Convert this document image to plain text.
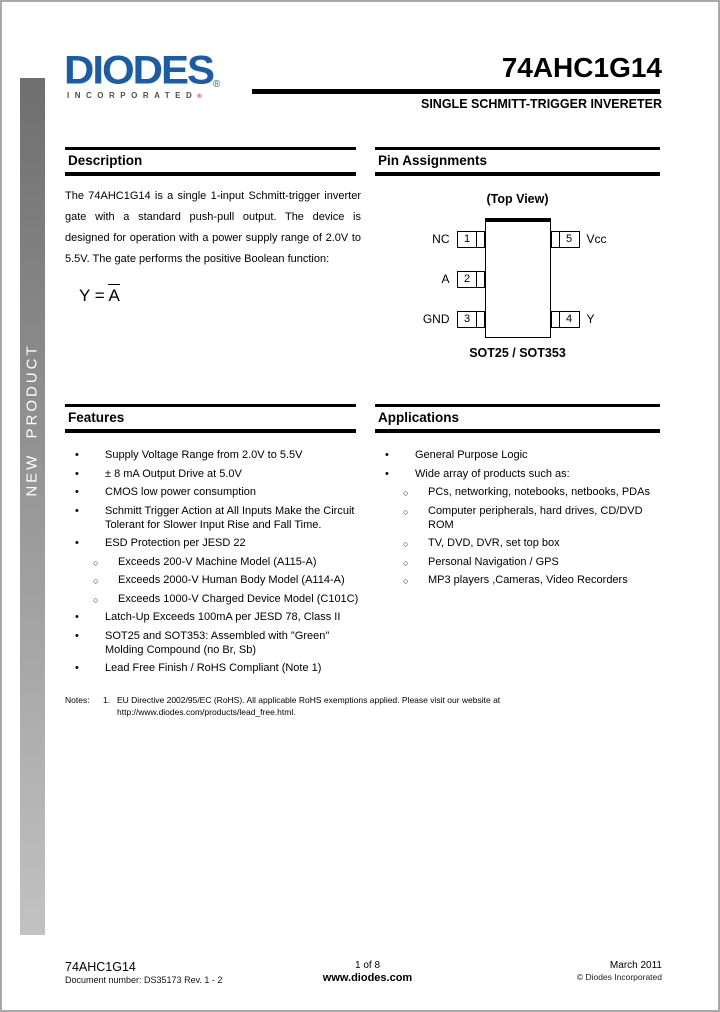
NEW PRODUCT
DIODES®
INCORPORATED®
74AHC1G14
SINGLE SCHMITT-TRIGGER INVERETER
Description
The 74AHC1G14 is a single 1-input Schmitt-trigger inverter gate with a standard push-pull output. The device is designed for operation with a power supply range of 2.0V to 5.5V. The gate performs the positive Boolean function:
Y = A
Pin Assignments
(Top View)
NC	1
A	2
GND	3
5	Vcc
4	Y
SOT25 / SOT353
Features
• Supply Voltage Range from 2.0V to 5.5V
• ± 8 mA Output Drive at 5.0V
• CMOS low power consumption
• Schmitt Trigger Action at All Inputs Make the Circuit Tolerant for Slower Input Rise and Fall Time.
• ESD Protection per JESD 22
○ Exceeds 200-V Machine Model (A115-A)
○ Exceeds 2000-V Human Body Model (A114-A)
○ Exceeds 1000-V Charged Device Model (C101C)
• Latch-Up Exceeds 100mA per JESD 78, Class II
• SOT25 and SOT353: Assembled with "Green" Molding Compound (no Br, Sb)
• Lead Free Finish / RoHS Compliant (Note 1)
Applications
• General Purpose Logic
• Wide array of products such as:
○ PCs, networking, notebooks, netbooks, PDAs
○ Computer peripherals, hard drives, CD/DVD ROM
○ TV, DVD, DVR, set top box
○ Personal Navigation / GPS
○ MP3 players ,Cameras, Video Recorders
Notes: 1. EU Directive 2002/95/EC (RoHS). All applicable RoHS exemptions applied. Please visit our website at
http://www.diodes.com/products/lead_free.html.
74AHC1G14
Document number: DS35173 Rev. 1 - 2
1 of 8
www.diodes.com
March 2011
© Diodes Incorporated
